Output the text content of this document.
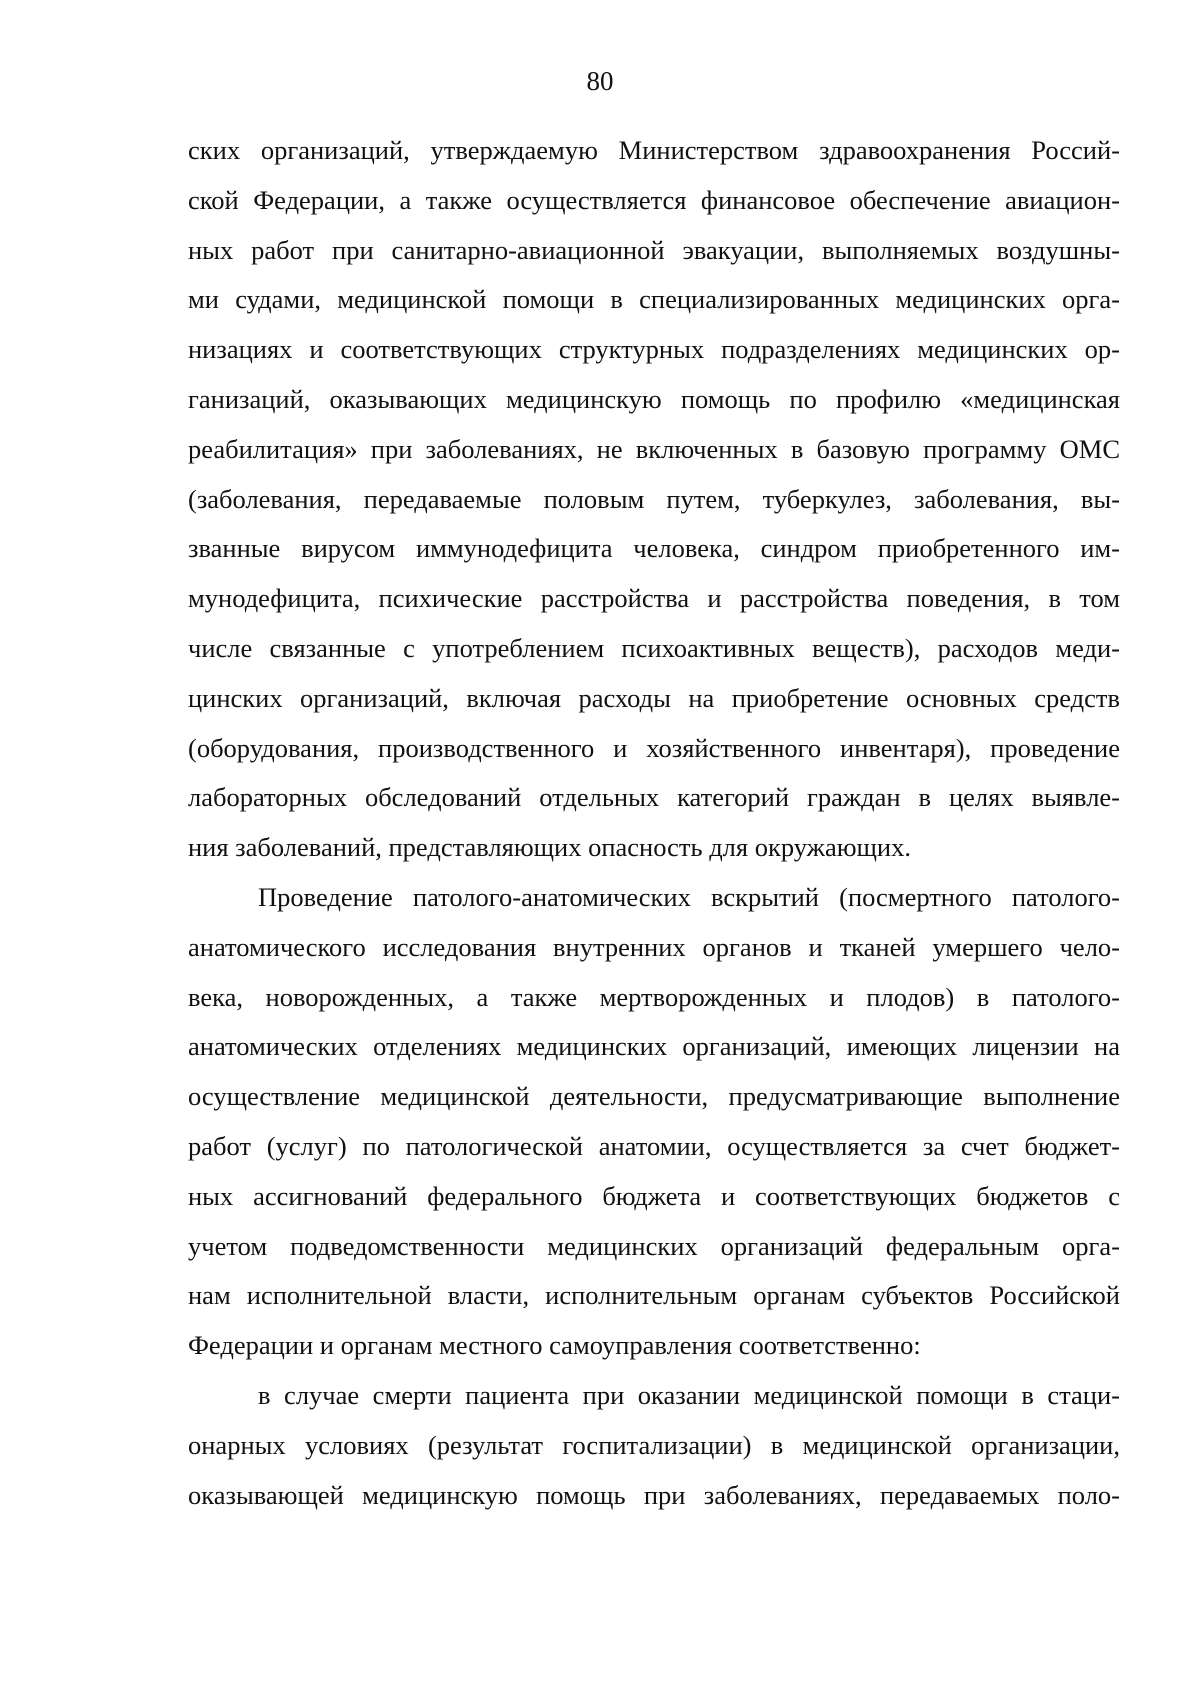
80
ских организаций, утверждаемую Министерством здравоохранения Россий-
ской Федерации, а также осуществляется финансовое обеспечение авиацион-
ных работ при санитарно-авиационной эвакуации, выполняемых воздушны-
ми судами, медицинской помощи в специализированных медицинских орга-
низациях и соответствующих структурных подразделениях медицинских ор-
ганизаций, оказывающих медицинскую помощь по профилю «медицинская
реабилитация» при заболеваниях, не включенных в базовую программу ОМС
(заболевания, передаваемые половым путем, туберкулез, заболевания, вы-
званные вирусом иммунодефицита человека, синдром приобретенного им-
мунодефицита, психические расстройства и расстройства поведения, в том
числе связанные с употреблением психоактивных веществ), расходов меди-
цинских организаций, включая расходы на приобретение основных средств
(оборудования, производственного и хозяйственного инвентаря), проведение
лабораторных обследований отдельных категорий граждан в целях выявле-
ния заболеваний, представляющих опасность для окружающих.
Проведение патолого-анатомических вскрытий (посмертного патолого-
анатомического исследования внутренних органов и тканей умершего чело-
века, новорожденных, а также мертворожденных и плодов) в патолого-
анатомических отделениях медицинских организаций, имеющих лицензии на
осуществление медицинской деятельности, предусматривающие выполнение
работ (услуг) по патологической анатомии, осуществляется за счет бюджет-
ных ассигнований федерального бюджета и соответствующих бюджетов с
учетом подведомственности медицинских организаций федеральным орга-
нам исполнительной власти, исполнительным органам субъектов Российской
Федерации и органам местного самоуправления соответственно:
в случае смерти пациента при оказании медицинской помощи в стаци-
онарных условиях (результат госпитализации) в медицинской организации,
оказывающей медицинскую помощь при заболеваниях, передаваемых поло-
